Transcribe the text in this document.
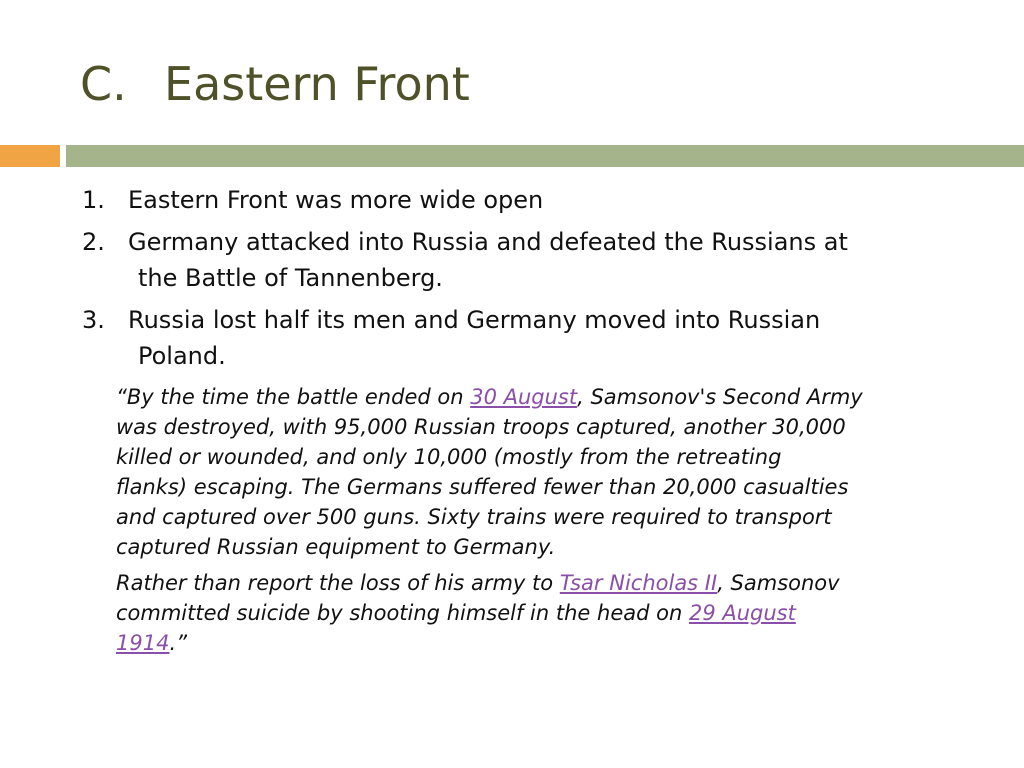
C. Eastern Front
1. Eastern Front was more wide open
2. Germany attacked into Russia and defeated the Russians at
the Battle of Tannenberg.
3. Russia lost half its men and Germany moved into Russian
Poland.

“By the time the battle ended on 30 August, Samsonov's Second Army
was destroyed, with 95,000 Russian troops captured, another 30,000
killed or wounded, and only 10,000 (mostly from the retreating
flanks) escaping. The Germans suffered fewer than 20,000 casualties
and captured over 500 guns. Sixty trains were required to transport
captured Russian equipment to Germany.

Rather than report the loss of his army to Tsar Nicholas II, Samsonov
committed suicide by shooting himself in the head on 29 August
1914.”
